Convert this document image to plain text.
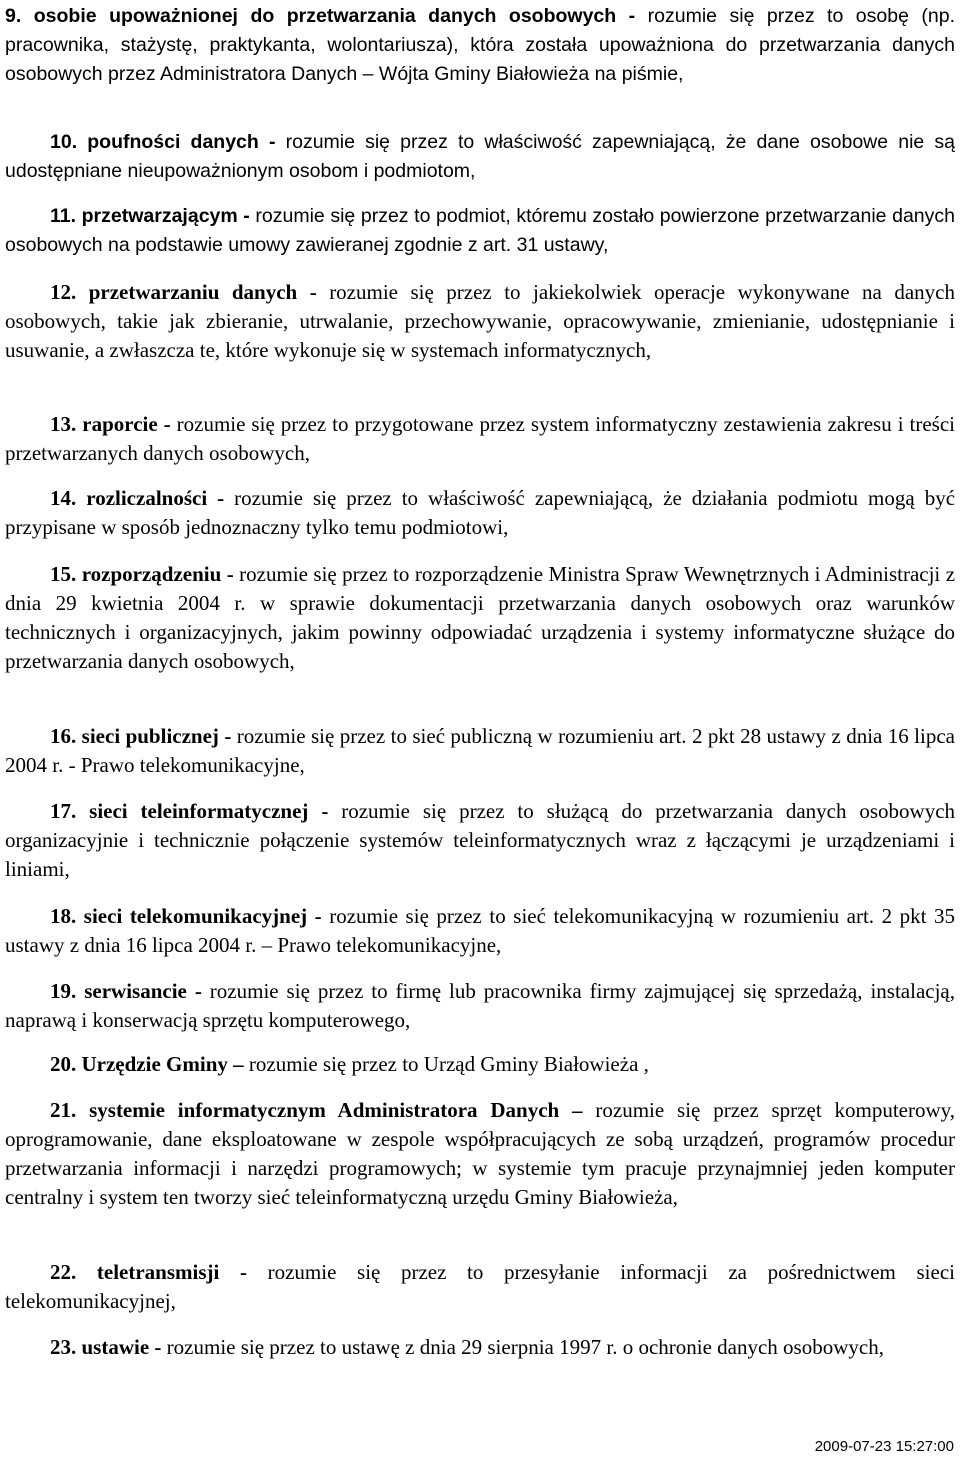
9. osobie upoważnionej do przetwarzania danych osobowych - rozumie się przez to osobę (np. pracownika, stażystę, praktykanta, wolontariusza), która została upoważniona do przetwarzania danych osobowych przez Administratora Danych – Wójta Gminy Białowieża na piśmie,

10. poufności danych - rozumie się przez to właściwość zapewniającą, że dane osobowe nie są udostępniane nieupoważnionym osobom i podmiotom,

11. przetwarzającym - rozumie się przez to podmiot, któremu zostało powierzone przetwarzanie danych osobowych na podstawie umowy zawieranej zgodnie z art. 31 ustawy,

12. przetwarzaniu danych - rozumie się przez to jakiekolwiek operacje wykonywane na danych osobowych, takie jak zbieranie, utrwalanie, przechowywanie, opracowywanie, zmienianie, udostępnianie i usuwanie, a zwłaszcza te, które wykonuje się w systemach informatycznych,

13. raporcie - rozumie się przez to przygotowane przez system informatyczny zestawienia zakresu i treści przetwarzanych danych osobowych,

14. rozliczalności - rozumie się przez to właściwość zapewniającą, że działania podmiotu mogą być przypisane w sposób jednoznaczny tylko temu podmiotowi,

15. rozporządzeniu - rozumie się przez to rozporządzenie Ministra Spraw Wewnętrznych i Administracji z dnia 29 kwietnia 2004 r. w sprawie dokumentacji przetwarzania danych osobowych oraz warunków technicznych i organizacyjnych, jakim powinny odpowiadać urządzenia i systemy informatyczne służące do przetwarzania danych osobowych,

16. sieci publicznej - rozumie się przez to sieć publiczną w rozumieniu art. 2 pkt 28 ustawy z dnia 16 lipca 2004 r. - Prawo telekomunikacyjne,

17. sieci teleinformatycznej - rozumie się przez to służącą do przetwarzania danych osobowych organizacyjnie i technicznie połączenie systemów teleinformatycznych wraz z łączącymi je urządzeniami i liniami,

18. sieci telekomunikacyjnej - rozumie się przez to sieć telekomunikacyjną w rozumieniu art. 2 pkt 35 ustawy z dnia 16 lipca 2004 r. – Prawo telekomunikacyjne,

19. serwisancie - rozumie się przez to firmę lub pracownika firmy zajmującej się sprzedażą, instalacją, naprawą i konserwacją sprzętu komputerowego,

20. Urzędzie Gminy – rozumie się przez to Urząd Gminy Białowieża ,

21. systemie informatycznym Administratora Danych – rozumie się przez sprzęt komputerowy, oprogramowanie, dane eksploatowane w zespole współpracujących ze sobą urządzeń, programów procedur przetwarzania informacji i narzędzi programowych; w systemie tym pracuje przynajmniej jeden komputer centralny i system ten tworzy sieć teleinformatyczną urzędu Gminy Białowieża,

22. teletransmisji - rozumie się przez to przesyłanie informacji za pośrednictwem sieci telekomunikacyjnej,

23. ustawie - rozumie się przez to ustawę z dnia 29 sierpnia 1997 r. o ochronie danych osobowych,

2009-07-23 15:27:00
